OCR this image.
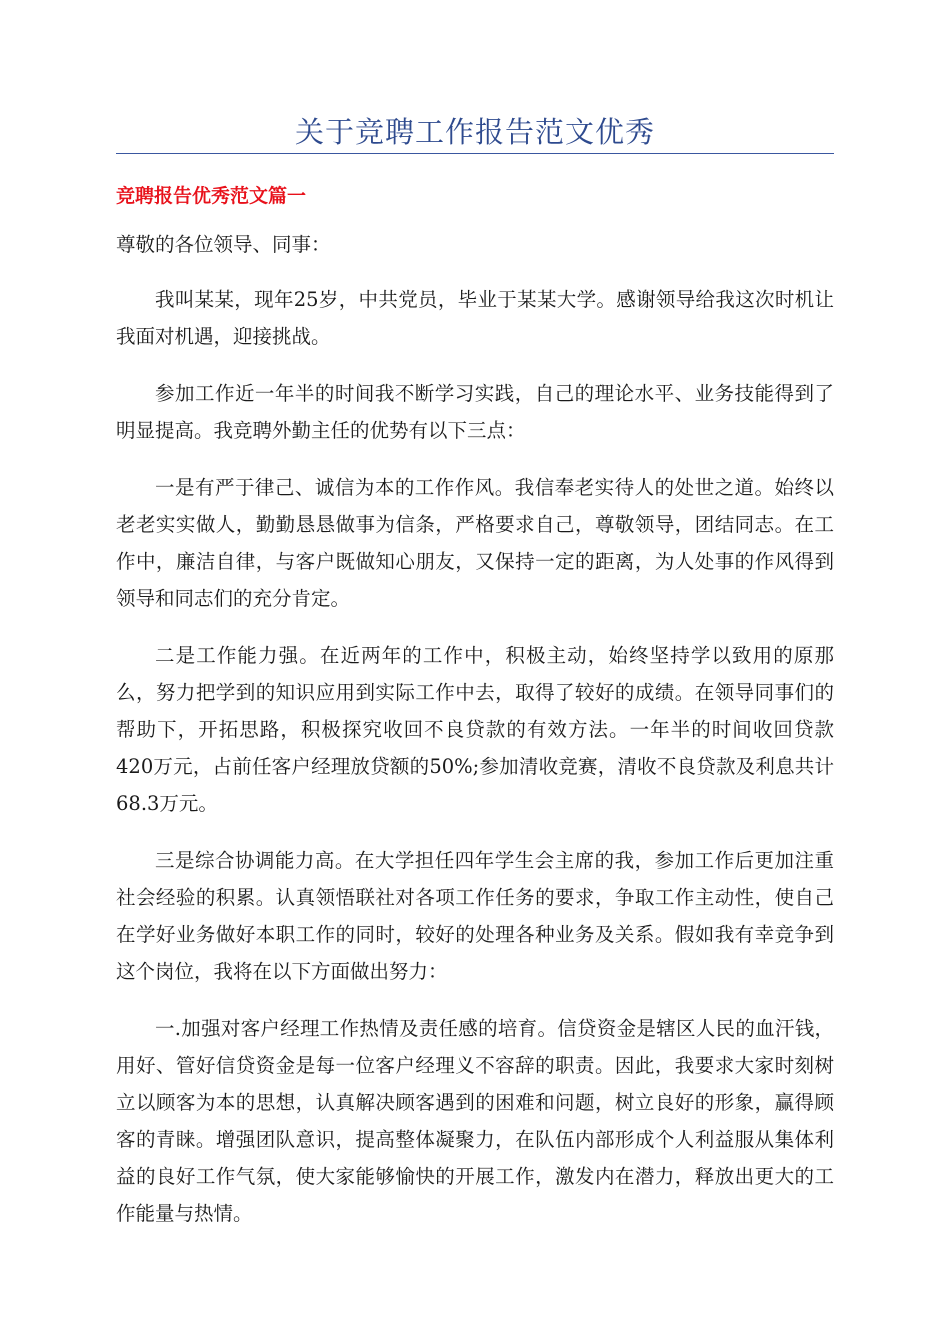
关于竞聘工作报告范文优秀
竞聘报告优秀范文篇一

尊敬的各位领导、同事：

我叫某某，现年25岁，中共党员，毕业于某某大学。感谢领导给我这次时机让我面对机遇，迎接挑战。

参加工作近一年半的时间我不断学习实践，自己的理论水平、业务技能得到了明显提高。我竞聘外勤主任的优势有以下三点：

一是有严于律己、诚信为本的工作作风。我信奉老实待人的处世之道。始终以老老实实做人，勤勤恳恳做事为信条，严格要求自己，尊敬领导，团结同志。在工作中，廉洁自律，与客户既做知心朋友，又保持一定的距离，为人处事的作风得到领导和同志们的充分肯定。

二是工作能力强。在近两年的工作中，积极主动，始终坚持学以致用的原那么，努力把学到的知识应用到实际工作中去，取得了较好的成绩。在领导同事们的帮助下，开拓思路，积极探究收回不良贷款的有效方法。一年半的时间收回贷款420万元，占前任客户经理放贷额的50%;参加清收竞赛，清收不良贷款及利息共计68.3万元。

三是综合协调能力高。在大学担任四年学生会主席的我，参加工作后更加注重社会经验的积累。认真领悟联社对各项工作任务的要求，争取工作主动性，使自己在学好业务做好本职工作的同时，较好的处理各种业务及关系。假如我有幸竞争到这个岗位，我将在以下方面做出努力：

一.加强对客户经理工作热情及责任感的培育。信贷资金是辖区人民的血汗钱，用好、管好信贷资金是每一位客户经理义不容辞的职责。因此，我要求大家时刻树立以顾客为本的思想，认真解决顾客遇到的困难和问题，树立良好的形象，赢得顾客的青睐。增强团队意识，提高整体凝聚力，在队伍内部形成个人利益服从集体利益的良好工作气氛，使大家能够愉快的开展工作，激发内在潜力，释放出更大的工作能量与热情。
